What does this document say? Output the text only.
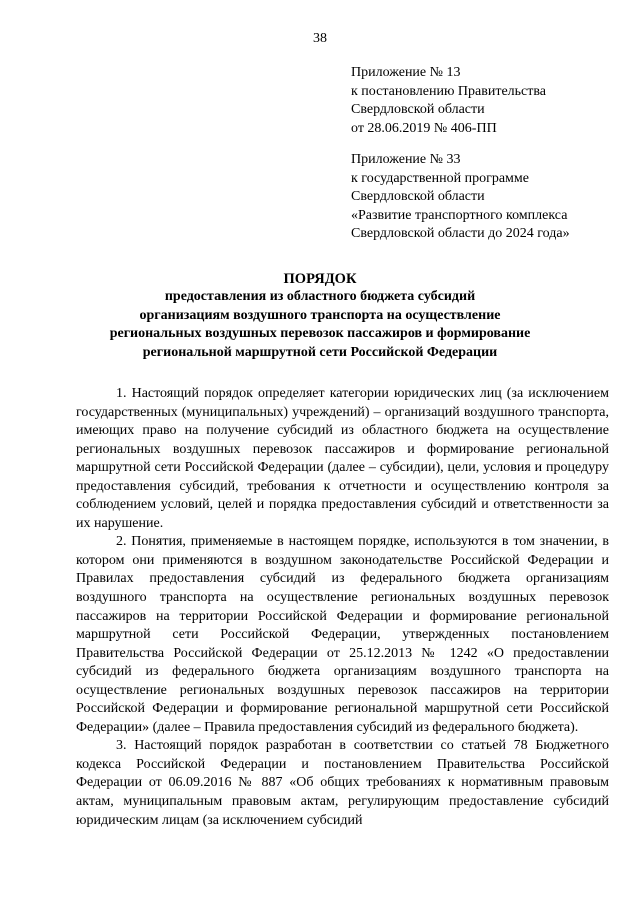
38
Приложение № 13
к постановлению Правительства
Свердловской области
от 28.06.2019 № 406-ПП
Приложение № 33
к государственной программе
Свердловской области
«Развитие транспортного комплекса
Свердловской области до 2024 года»
ПОРЯДОК
предоставления из областного бюджета субсидий
организациям воздушного транспорта на осуществление
региональных воздушных перевозок пассажиров и формирование
региональной маршрутной сети Российской Федерации

1. Настоящий порядок определяет категории юридических лиц (за исключением государственных (муниципальных) учреждений) – организаций воздушного транспорта, имеющих право на получение субсидий из областного бюджета на осуществление региональных воздушных перевозок пассажиров и формирование региональной маршрутной сети Российской Федерации (далее – субсидии), цели, условия и процедуру предоставления субсидий, требования к отчетности и осуществлению контроля за соблюдением условий, целей и порядка предоставления субсидий и ответственности за их нарушение.

2. Понятия, применяемые в настоящем порядке, используются в том значении, в котором они применяются в воздушном законодательстве Российской Федерации и Правилах предоставления субсидий из федерального бюджета организациям воздушного транспорта на осуществление региональных воздушных перевозок пассажиров на территории Российской Федерации и формирование региональной маршрутной сети Российской Федерации, утвержденных постановлением Правительства Российской Федерации от 25.12.2013 № 1242 «О предоставлении субсидий из федерального бюджета организациям воздушного транспорта на осуществление региональных воздушных перевозок пассажиров на территории Российской Федерации и формирование региональной маршрутной сети Российской Федерации» (далее – Правила предоставления субсидий из федерального бюджета).

3. Настоящий порядок разработан в соответствии со статьей 78 Бюджетного кодекса Российской Федерации и постановлением Правительства Российской Федерации от 06.09.2016 № 887 «Об общих требованиях к нормативным правовым актам, муниципальным правовым актам, регулирующим предоставление субсидий юридическим лицам (за исключением субсидий
